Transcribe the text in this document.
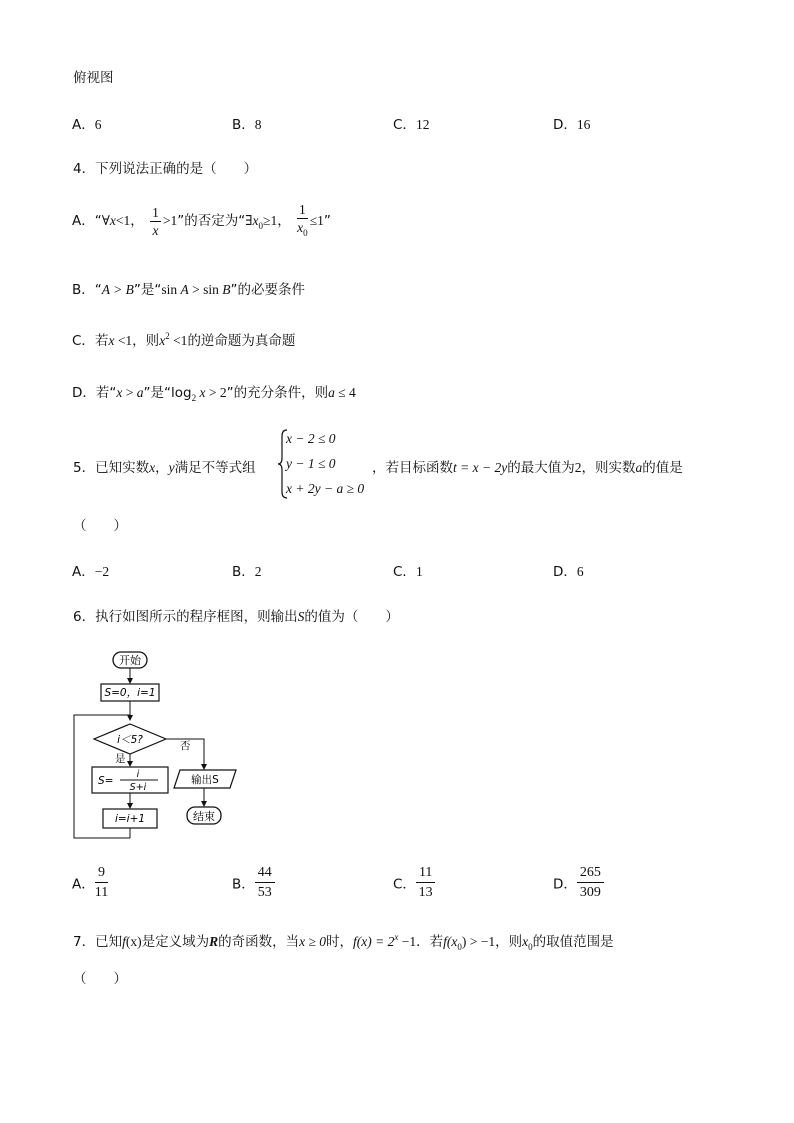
俯视图
A．6	B．8	C．12	D．16
4．下列说法正确的是（　　）
A．“∀x<1， $\frac{1}{x} >1$”的否定为“$\exists x_0\ge 1$， $\frac{1}{x_0} \le 1$”
B．“A > B”是“sin A > sin B”的必要条件
C．若x <1，则$x^2 <1$的逆命题为真命题
D．若“x > a”是“$\log_2$ x > 2”的充分条件，则a ≤ 4
5．已知实数x，y满足不等式组
x − 2 ≤ 0
y − 1 ≤ 0
x + 2y − a ≥ 0
，若目标函数t = x − 2y的最大值为2，则实数a的值是
（　　）
A．−2	B．2	C．1	D．6
6．执行如图所示的程序框图，则输出S的值为（　　）
开始
S=0，i=1
i＜5?	否
是
S=
i
S+i
i=i+1
输出S
结束
A． $\frac{9}{11}$	B． $\frac{44}{53}$	C． $\frac{11}{13}$	D． $\frac{265}{309}$
7．已知f(x)是定义域为R的奇函数，当x ≥ 0时，$f(x) = 2^x -1$．若$f(x_0) > -1$，则$x_0$的取值范围是
（　　）
